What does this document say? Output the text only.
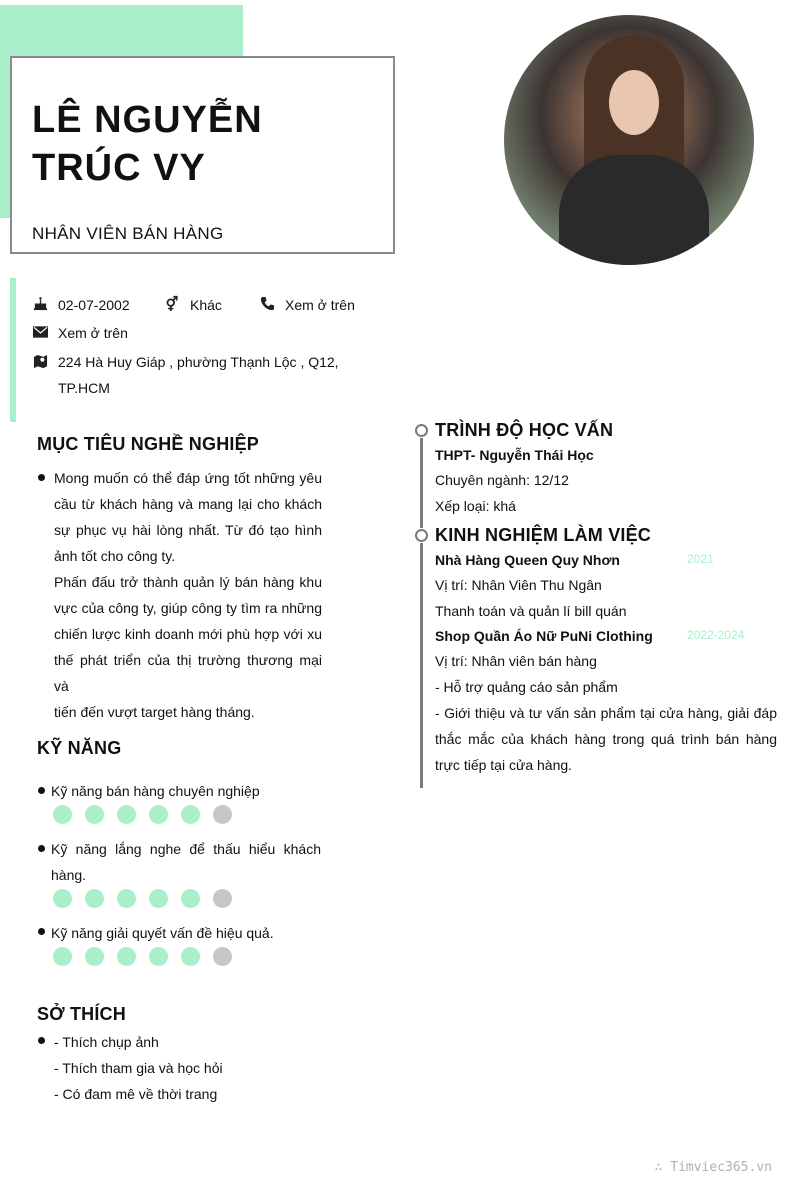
LÊ NGUYỄN TRÚC VY
NHÂN VIÊN BÁN HÀNG
02-07-2002	⚥ Khác	Xem ở trên
Xem ở trên
224 Hà Huy Giáp , phường Thạnh Lộc , Q12,
TP.HCM
MỤC TIÊU NGHỀ NGHIỆP
Mong muốn có thể đáp ứng tốt những yêu
cầu từ khách hàng và mang lại cho khách
sự phục vụ hài lòng nhất. Từ đó tạo hình
ảnh tốt cho công ty.
Phấn đấu trở thành quản lý bán hàng khu
vực của công ty, giúp công ty tìm ra những
chiến lược kinh doanh mới phù hợp với xu
thế phát triển của thị trường thương mại và
tiến đến vượt target hàng tháng.
KỸ NĂNG
Kỹ năng bán hàng chuyên nghiệp
Kỹ năng lắng nghe để thấu hiểu khách
hàng.
Kỹ năng giải quyết vấn đề hiệu quả.
SỞ THÍCH
- Thích chụp ảnh
- Thích tham gia và học hỏi
- Có đam mê về thời trang
TRÌNH ĐỘ HỌC VẤN
THPT- Nguyễn Thái Học
Chuyên ngành: 12/12
Xếp loại: khá
KINH NGHIỆM LÀM VIỆC
Nhà Hàng Queen Quy Nhơn	2021
Vị trí: Nhân Viên Thu Ngân
Thanh toán và quản lí bill quán
Shop Quần Áo Nữ PuNi Clothing	2022-2024
Vị trí: Nhân viên bán hàng
- Hỗ trợ quảng cáo sản phẩm
- Giới thiệu và tư vấn sản phẩm tại cửa hàng, giải đáp
thắc mắc của khách hàng trong quá trình bán hàng
trực tiếp tại cửa hàng.
∴ Timviec365.vn
